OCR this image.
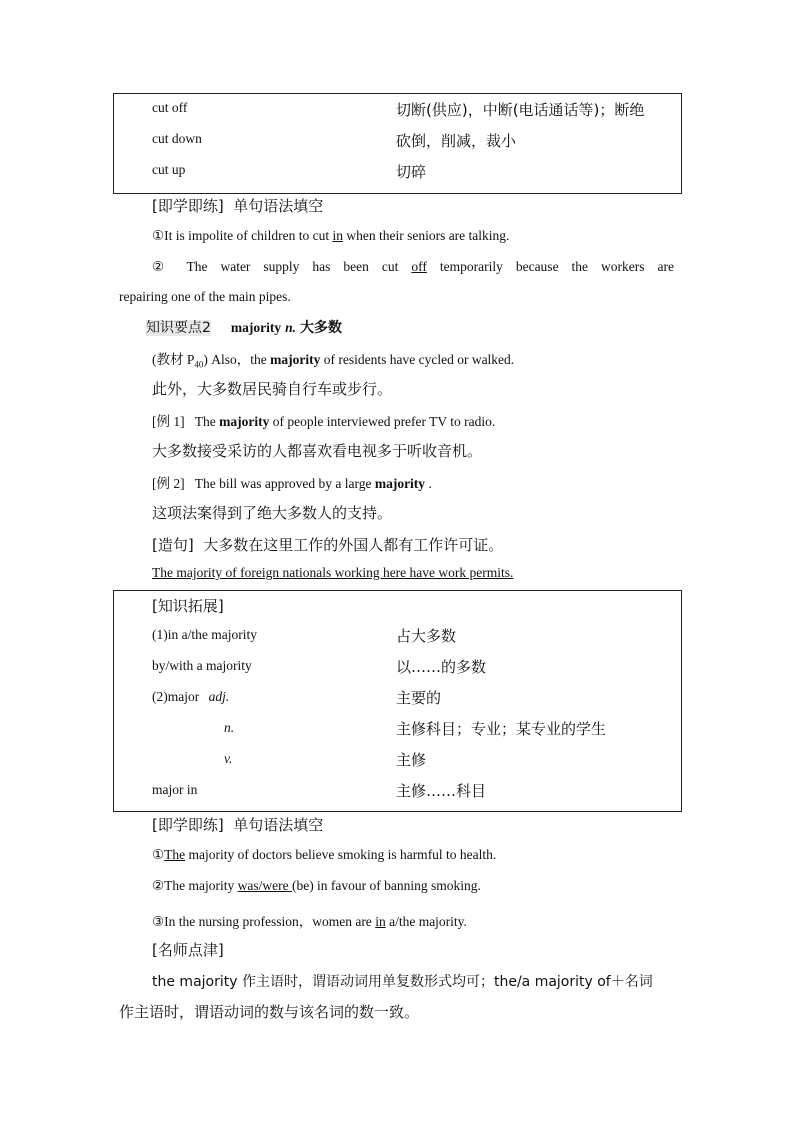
cut off	切断(供应)，中断(电话通话等)；断绝
cut down	砍倒，削减，裁小
cut up	切碎
[即学即练] 单句语法填空
①It is impolite of children to cut in when their seniors are talking.
② The water supply has been cut off temporarily because the workers are
repairing one of the main pipes.
知识要点2 majority n. 大多数
(教材 $P_{40}$) Also，the majority of residents have cycled or walked.
此外，大多数居民骑自行车或步行。
[例 1] The majority of people interviewed prefer TV to radio.
大多数接受采访的人都喜欢看电视多于听收音机。
[例 2] The bill was approved by a large majority .
这项法案得到了绝大多数人的支持。
[造句] 大多数在这里工作的外国人都有工作许可证。
The majority of foreign nationals working here have work permits.
[知识拓展]
(1)in a/the majority	占大多数
by/with a majority	以……的多数
(2)major adj.	主要的
n.	主修科目；专业；某专业的学生
v.	主修
major in	主修……科目
[即学即练] 单句语法填空
①The majority of doctors believe smoking is harmful to health.
②The majority was/were (be) in favour of banning smoking.
③In the nursing profession，women are in a/the majority.
[名师点津]
the majority 作主语时，谓语动词用单复数形式均可；the/a majority of＋名词
作主语时，谓语动词的数与该名词的数一致。
